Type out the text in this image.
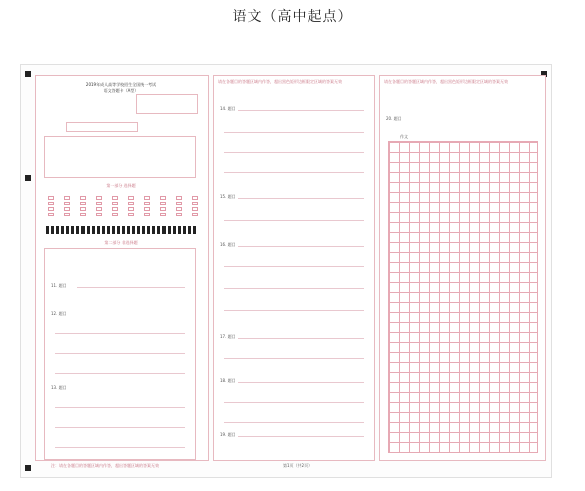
语文（高中起点）
2019年成人高等学校招生全国统一考试
语文答题卡（A型）
第一部分 选择题
第二部分 非选择题
11. 题目
12. 题目
13. 题目
注：请在各题目的答题区域内作答，超出答题区域的答案无效
请在各题目的答题区域内作答，超出黑色矩形边框限定区域的答案无效
14. 题目
15. 题目
16. 题目
17. 题目
18. 题目
19. 题目
第1页（共2页）
请在各题目的答题区域内作答，超出黑色矩形边框限定区域的答案无效
20. 题目
作文
